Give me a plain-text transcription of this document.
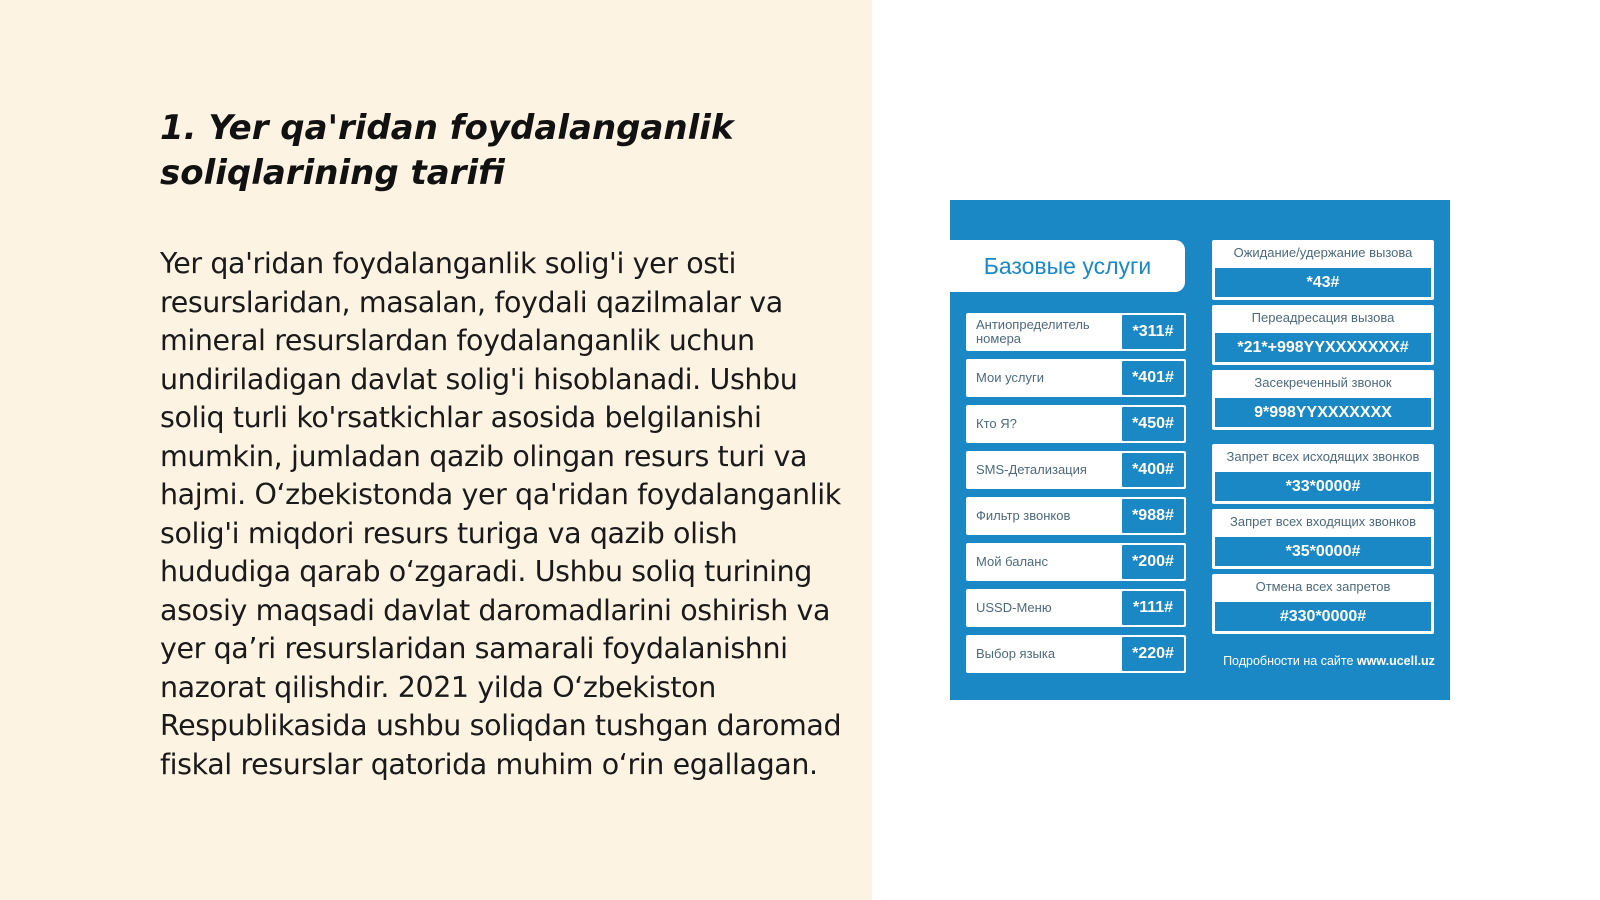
1. Yer qa'ridan foydalanganlik soliqlarining tarifi

Yer qa'ridan foydalanganlik solig'i yer osti resurslaridan, masalan, foydali qazilmalar va mineral resurslardan foydalanganlik uchun undiriladigan davlat solig'i hisoblanadi. Ushbu soliq turli ko'rsatkichlar asosida belgilanishi mumkin, jumladan qazib olingan resurs turi va hajmi. O‘zbekistonda yer qa'ridan foydalanganlik solig'i miqdori resurs turiga va qazib olish hududiga qarab o‘zgaradi. Ushbu soliq turining asosiy maqsadi davlat daromadlarini oshirish va yer qa’ri resurslaridan samarali foydalanishni nazorat qilishdir. 2021 yilda O‘zbekiston Respublikasida ushbu soliqdan tushgan daromad fiskal resurslar qatorida muhim o‘rin egallagan.

Базовые услуги
Антиопределитель номера	*311#
Мои услуги	*401#
Кто Я?	*450#
SMS-Детализация	*400#
Фильтр звонков	*988#
Мой баланс	*200#
USSD-Меню	*111#
Выбор языка	*220#
Ожидание/удержание вызова
*43#
Переадресация вызова
*21*+998YYXXXXXXX#
Засекреченный звонок
9*998YYXXXXXXX
Запрет всех исходящих звонков
*33*0000#
Запрет всех входящих звонков
*35*0000#
Отмена всех запретов
#330*0000#
Подробности на сайте www.ucell.uz
